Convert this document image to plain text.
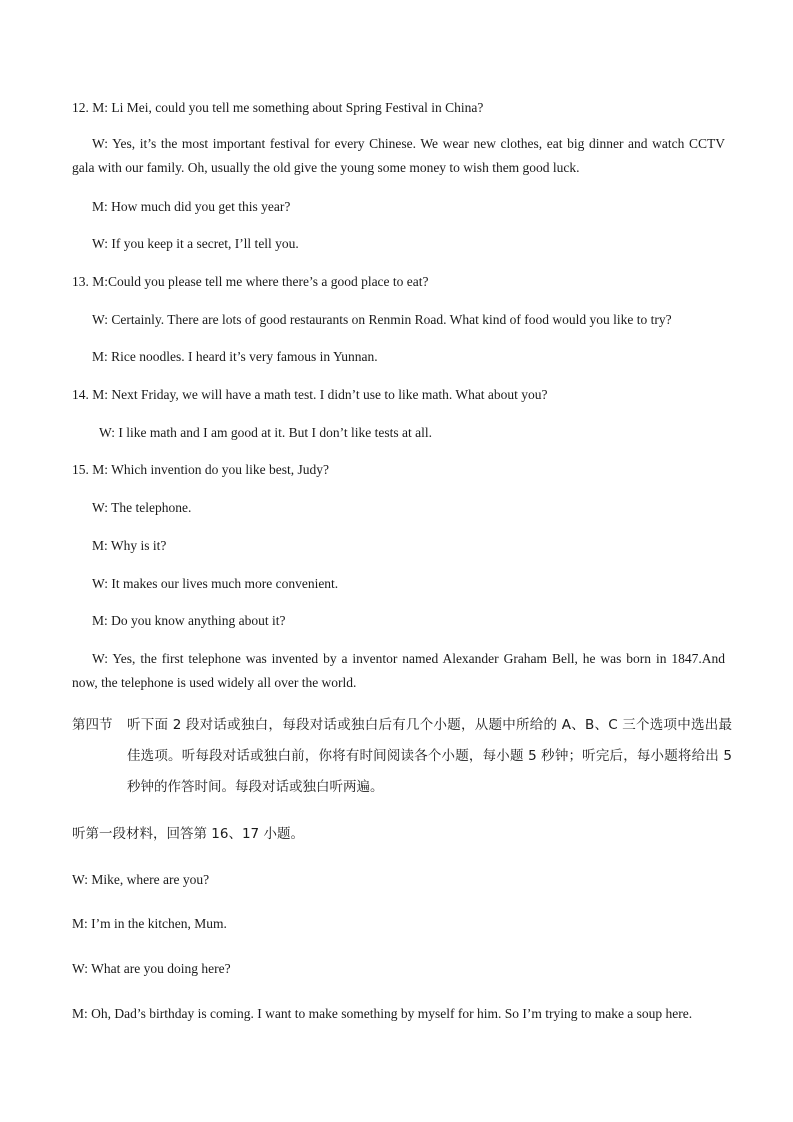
12. M: Li Mei, could you tell me something about Spring Festival in China?
W: Yes, it’s the most important festival for every Chinese. We wear new clothes, eat big dinner and watch CCTV gala with our family. Oh, usually the old give the young some money to wish them good luck.
M: How much did you get this year?
W: If you keep it a secret, I’ll tell you.
13. M:Could you please tell me where there’s a good place to eat?
W: Certainly. There are lots of good restaurants on Renmin Road. What kind of food would you like to try?
M: Rice noodles. I heard it’s very famous in Yunnan.
14. M: Next Friday, we will have a math test. I didn’t use to like math. What about you?
W: I like math and I am good at it. But I don’t like tests at all.
15. M: Which invention do you like best, Judy?
W: The telephone.
M: Why is it?
W: It makes our lives much more convenient.
M: Do you know anything about it?
W: Yes, the first telephone was invented by a inventor named Alexander Graham Bell, he was born in 1847.And now, the telephone is used widely all over the world.
第四节 听下面 2 段对话或独白，每段对话或独白后有几个小题，从题中所给的 A、B、C 三个选项中选出最佳选项。听每段对话或独白前，你将有时间阅读各个小题，每小题 5 秒钟；听完后，每小题将给出 5 秒钟的作答时间。每段对话或独白听两遍。
听第一段材料，回答第 16、17 小题。
W: Mike, where are you?
M: I’m in the kitchen, Mum.
W: What are you doing here?
M: Oh, Dad’s birthday is coming. I want to make something by myself for him. So I’m trying to make a soup here.
